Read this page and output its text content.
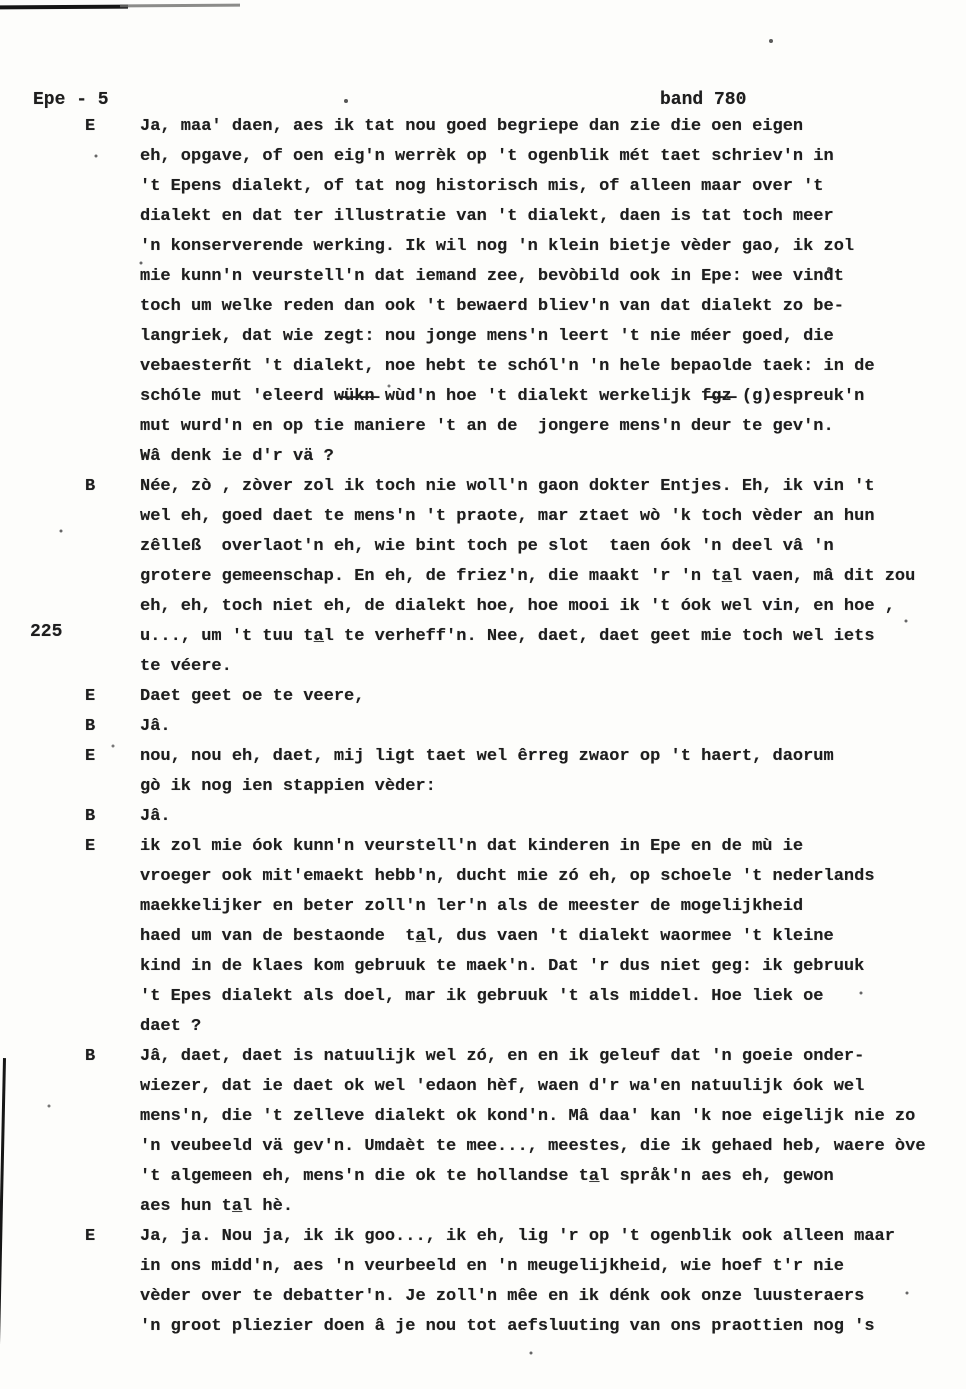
Epe - 5	band 780
225
E	Ja, maa' daen, aes ik tat nou goed begriepe dan zie die oen eigen
eh, opgave, of oen eig'n werrèk op 't ogenblik mét taet schriev'n in
't Epens dialekt, of tat nog historisch mis, of alleen maar over 't
dialekt en dat ter illustratie van 't dialekt, daen is tat toch meer
'n konserverende werking. Ik wil nog 'n klein bietje vèder gao, ik zol
mie kunn'n veurstell'n dat iemand zee, bevòbild ook in Epe: wee vindt
toch um welke reden dan ook 't bewaerd bliev'n van dat dialekt zo be-
langriek, dat wie zegt: nou jonge mens'n leert 't nie méer goed, die
vebaesterñt 't dialekt, noe hebt te schól'n 'n hele bepaolde taek: in de
schóle mut 'eleerd w̶ü̶k̶n̶ wùd'n hoe 't dialekt werkelijk f̶g̶z̶ (g)espreuk'n
mut wurd'n en op tie maniere 't an de  jongere mens'n deur te gev'n.
Wâ denk ie d'r vä ?
B	Née, zò , zòver zol ik toch nie woll'n gaon dokter Entjes. Eh, ik vin 't
wel eh, goed daet te mens'n 't praote, mar ztaet wò 'k toch vèder an hun
zêlleß  overlaot'n eh, wie bint toch pe slot  taen óok 'n deel vâ 'n
grotere gemeenschap. En eh, de friez'n, die maakt 'r 'n ta̲l vaen, mâ dit zou
eh, eh, toch niet eh, de dialekt hoe, hoe mooi ik 't óok wel vin, en hoe ,
u..., um 't tuu ta̲l te verheff'n. Nee, daet, daet geet mie toch wel iets
te véere.
E	Daet geet oe te veere,
B	Jâ.
E	nou, nou eh, daet, mij ligt taet wel êrreg zwaor op 't haert, daorum
gò ik nog ien stappien vèder:
B	Jâ.
E	ik zol mie óok kunn'n veurstell'n dat kinderen in Epe en de mù ie
vroeger ook mit'emaekt hebb'n, ducht mie zó eh, op schoele 't nederlands
maekkelijker en beter zoll'n ler'n als de meester de mogelijkheid
haed um van de bestaonde  ta̲l, dus vaen 't dialekt waormee 't kleine
kind in de klaes kom gebruuk te maek'n. Dat 'r dus niet geg: ik gebruuk
't Epes dialekt als doel, mar ik gebruuk 't als middel. Hoe liek oe
daet ?
B	Jâ, daet, daet is natuulijk wel zó, en en ik geleuf dat 'n goeie onder-
wiezer, dat ie daet ok wel 'edaon hèf, waen d'r wa'en natuulijk óok wel
mens'n, die 't zelleve dialekt ok kond'n. Mâ daa' kan 'k noe eigelijk nie zo
'n veubeeld vä gev'n. Umdaèt te mee..., meestes, die ik gehaed heb, waere òve
't algemeen eh, mens'n die ok te hollandse ta̲l språk'n aes eh, gewon
aes hun ta̲l hè.
E	Ja, ja. Nou ja, ik ik goo..., ik eh, lig 'r op 't ogenblik ook alleen maar
in ons midd'n, aes 'n veurbeeld en 'n meugelijkheid, wie hoef t'r nie
vèder over te debatter'n. Je zoll'n mêe en ik dénk ook onze luusteraers
'n groot pliezier doen â je nou tot aefsluuting van ons praottien nog 's
